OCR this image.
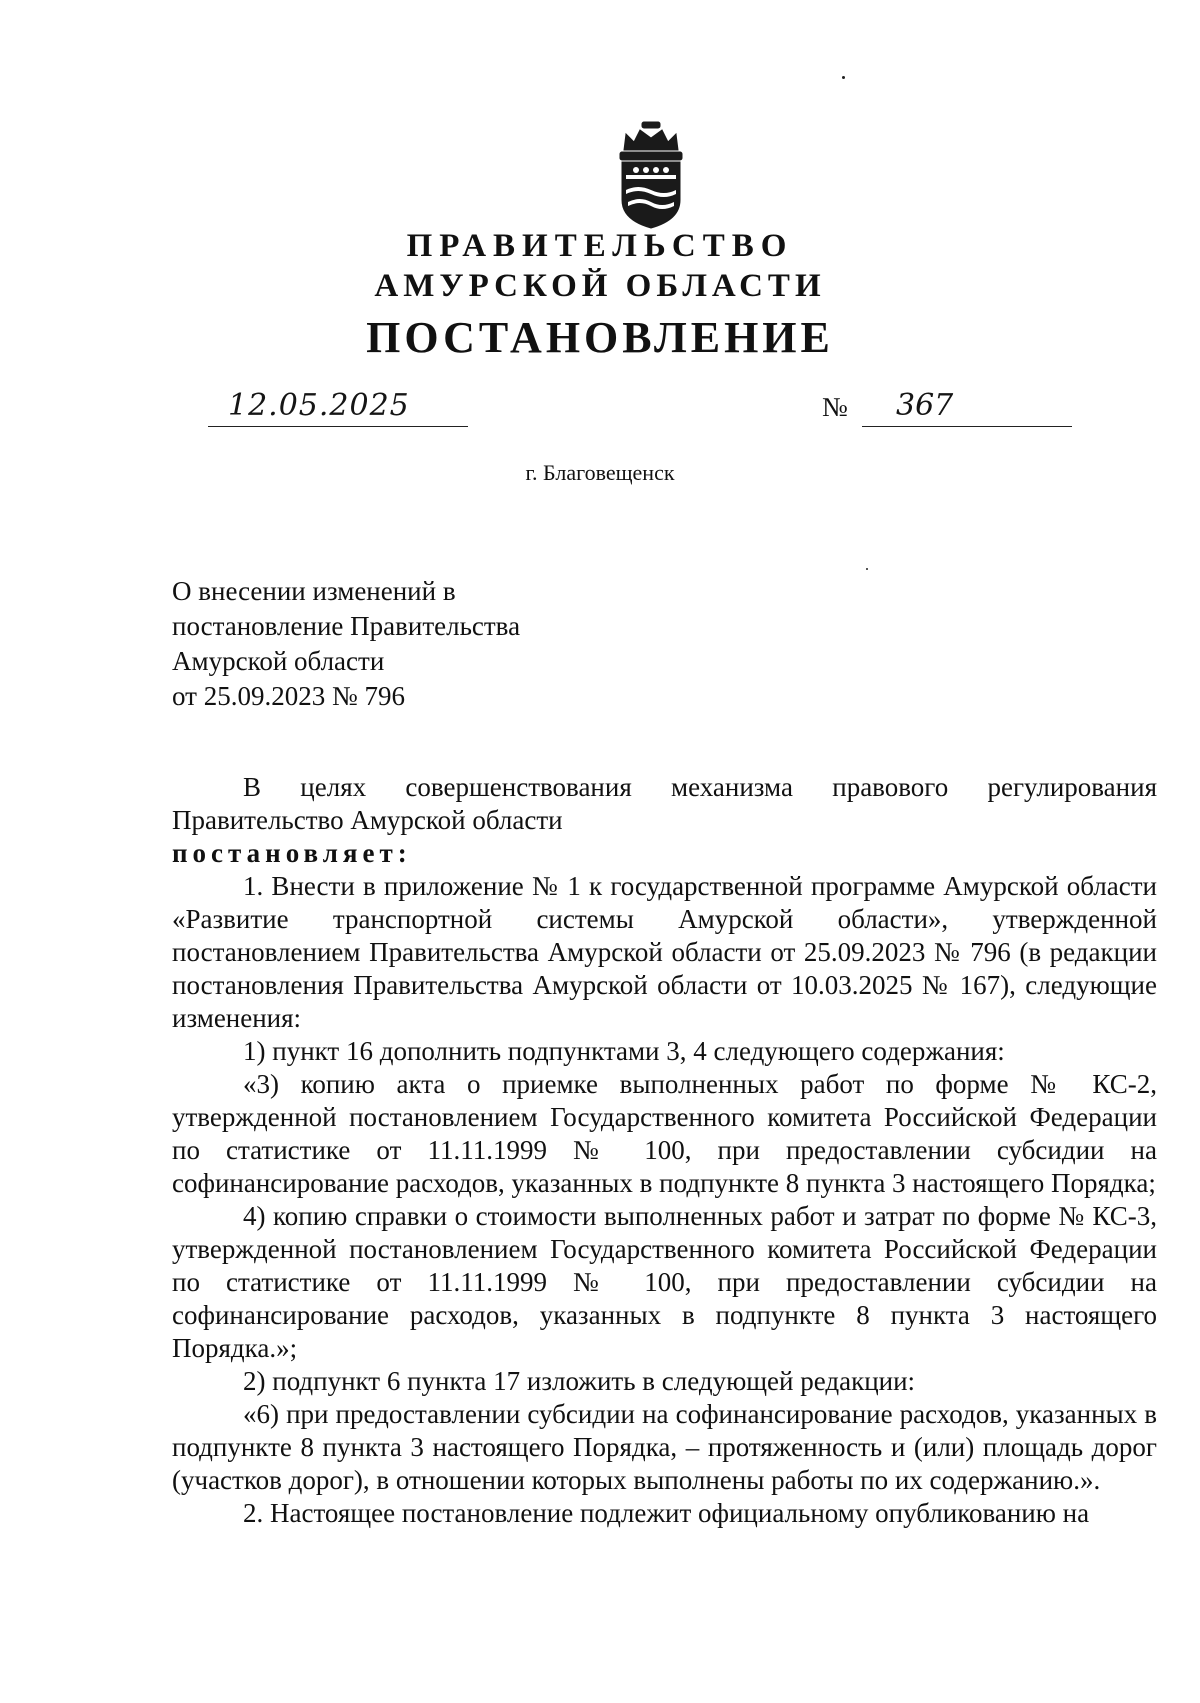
ПРАВИТЕЛЬСТВО
АМУРСКОЙ ОБЛАСТИ
ПОСТАНОВЛЕНИЕ
12.05.2025	№ 367
г. Благовещенск
О внесении изменений в
постановление Правительства
Амурской области
от 25.09.2023 № 796

В целях совершенствования механизма правового регулирования Правительство Амурской области

постановляет:

1. Внести в приложение № 1 к государственной программе Амурской области «Развитие транспортной системы Амурской области», утвержденной постановлением Правительства Амурской области от 25.09.2023 № 796 (в редакции постановления Правительства Амурской области от 10.03.2025 № 167), следующие изменения:

1) пункт 16 дополнить подпунктами 3, 4 следующего содержания:

«3) копию акта о приемке выполненных работ по форме № КС-2, утвержденной постановлением Государственного комитета Российской Федерации по статистике от 11.11.1999 № 100, при предоставлении субсидии на софинансирование расходов, указанных в подпункте 8 пункта 3 настоящего Порядка;

4) копию справки о стоимости выполненных работ и затрат по форме № КС-3, утвержденной постановлением Государственного комитета Российской Федерации по статистике от 11.11.1999 № 100, при предоставлении субсидии на софинансирование расходов, указанных в подпункте 8 пункта 3 настоящего Порядка.»;

2) подпункт 6 пункта 17 изложить в следующей редакции:

«6) при предоставлении субсидии на софинансирование расходов, указанных в подпункте 8 пункта 3 настоящего Порядка, – протяженность и (или) площадь дорог (участков дорог), в отношении которых выполнены работы по их содержанию.».

2. Настоящее постановление подлежит официальному опубликованию на
